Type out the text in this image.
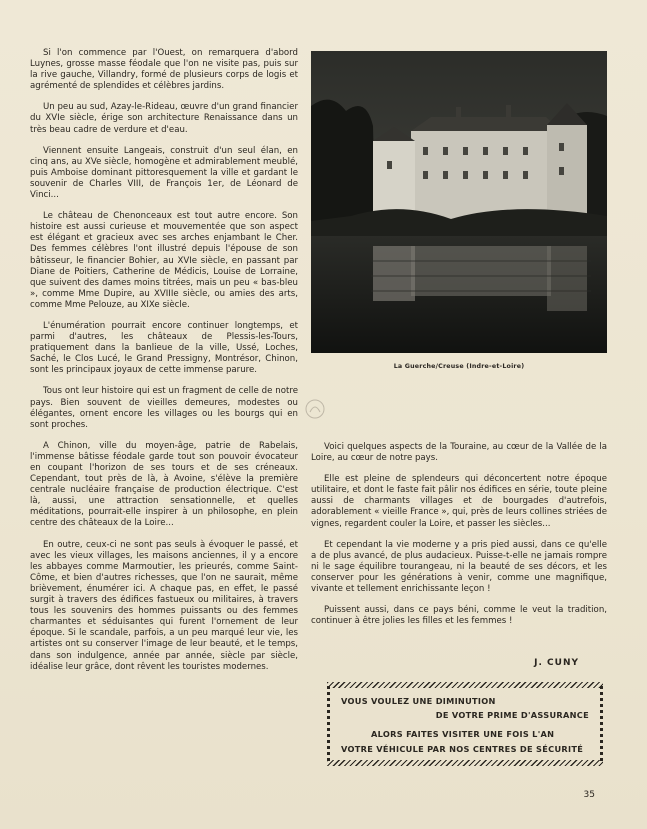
Si l'on commence par l'Ouest, on remarquera d'abord Luynes, grosse masse féodale que l'on ne visite pas, puis sur la rive gauche, Villandry, formé de plusieurs corps de logis et agrémenté de splendides et célèbres jardins.

Un peu au sud, Azay-le-Rideau, œuvre d'un grand financier du XVIe siècle, érige son architecture Renaissance dans un très beau cadre de verdure et d'eau.

Viennent ensuite Langeais, construit d'un seul élan, en cinq ans, au XVe siècle, homogène et admirablement meublé, puis Amboise dominant pittoresquement la ville et gardant le souvenir de Charles VIII, de François 1er, de Léonard de Vinci...

Le château de Chenonceaux est tout autre encore. Son histoire est aussi curieuse et mouvementée que son aspect est élégant et gracieux avec ses arches enjambant le Cher. Des femmes célèbres l'ont illustré depuis l'épouse de son bâtisseur, le financier Bohier, au XVIe siècle, en passant par Diane de Poitiers, Catherine de Médicis, Louise de Lorraine, que suivent des dames moins titrées, mais un peu « bas-bleu », comme Mme Dupire, au XVIIIe siècle, ou amies des arts, comme Mme Pelouze, au XIXe siècle.

L'énumération pourrait encore continuer longtemps, et parmi d'autres, les châteaux de Plessis-les-Tours, pratiquement dans la banlieue de la ville, Ussé, Loches, Saché, le Clos Lucé, le Grand Pressigny, Montrésor, Chinon, sont les principaux joyaux de cette immense parure.

Tous ont leur histoire qui est un fragment de celle de notre pays. Bien souvent de vieilles demeures, modestes ou élégantes, ornent encore les villages ou les bourgs qui en sont proches.

A Chinon, ville du moyen-âge, patrie de Rabelais, l'immense bâtisse féodale garde tout son pouvoir évocateur en coupant l'horizon de ses tours et de ses créneaux. Cependant, tout près de là, à Avoine, s'élève la première centrale nucléaire française de production électrique. C'est là, aussi, une attraction sensationnelle, et quelles méditations, pourrait-elle inspirer à un philosophe, en plein centre des châteaux de la Loire...

En outre, ceux-ci ne sont pas seuls à évoquer le passé, et avec les vieux villages, les maisons anciennes, il y a encore les abbayes comme Marmoutier, les prieurés, comme Saint-Côme, et bien d'autres richesses, que l'on ne saurait, même brièvement, énumérer ici. A chaque pas, en effet, le passé surgit à travers des édifices fastueux ou militaires, à travers tous les souvenirs des hommes puissants ou des femmes charmantes et séduisantes qui furent l'ornement de leur époque. Si le scandale, parfois, a un peu marqué leur vie, les artistes ont su conserver l'image de leur beauté, et le temps, dans son indulgence, année par année, siècle par siècle, idéalise leur grâce, dont rêvent les touristes modernes.

La Guerche/Creuse (Indre-et-Loire)

Voici quelques aspects de la Touraine, au cœur de la Vallée de la Loire, au cœur de notre pays.

Elle est pleine de splendeurs qui déconcertent notre époque utilitaire, et dont le faste fait pâlir nos édifices en série, toute pleine aussi de charmants villages et de bourgades d'autrefois, adorablement « vieille France », qui, près de leurs collines striées de vignes, regardent couler la Loire, et passer les siècles...

Et cependant la vie moderne y a pris pied aussi, dans ce qu'elle a de plus avancé, de plus audacieux. Puisse-t-elle ne jamais rompre ni le sage équilibre tourangeau, ni la beauté de ses décors, et les conserver pour les générations à venir, comme une magnifique, vivante et tellement enrichissante leçon !

Puissent aussi, dans ce pays béni, comme le veut la tradition, continuer à être jolies les filles et les femmes !

J. CUNY
VOUS VOULEZ UNE DIMINUTION
DE VOTRE PRIME D'ASSURANCE
ALORS FAITES VISITER UNE FOIS L'AN
VOTRE VÉHICULE PAR NOS CENTRES DE SÉCURITÉ
35
